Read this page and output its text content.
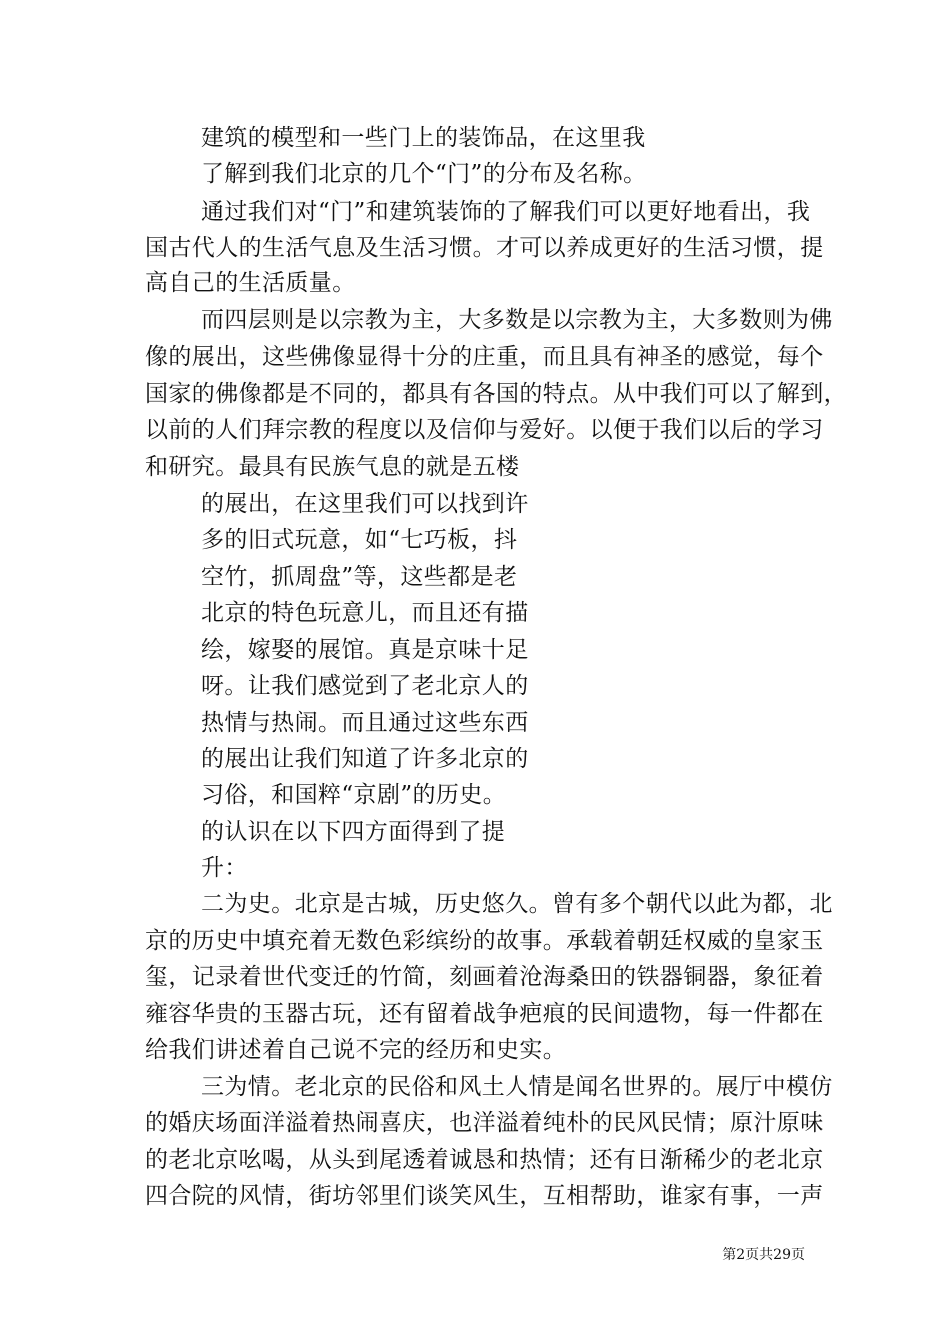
建筑的模型和一些门上的装饰品，在这里我
了解到我们北京的几个“门”的分布及名称。
通过我们对“门”和建筑装饰的了解我们可以更好地看出，我
国古代人的生活气息及生活习惯。才可以养成更好的生活习惯，提
高自己的生活质量。
而四层则是以宗教为主，大多数是以宗教为主，大多数则为佛
像的展出，这些佛像显得十分的庄重，而且具有神圣的感觉，每个
国家的佛像都是不同的，都具有各国的特点。从中我们可以了解到，
以前的人们拜宗教的程度以及信仰与爱好。以便于我们以后的学习
和研究。最具有民族气息的就是五楼
的展出，在这里我们可以找到许
多的旧式玩意，如“七巧板，抖
空竹，抓周盘”等，这些都是老
北京的特色玩意儿，而且还有描
绘，嫁娶的展馆。真是京味十足
呀。让我们感觉到了老北京人的
热情与热闹。而且通过这些东西
的展出让我们知道了许多北京的
习俗，和国粹“京剧”的历史。
的认识在以下四方面得到了提
升：
二为史。北京是古城，历史悠久。曾有多个朝代以此为都，北
京的历史中填充着无数色彩缤纷的故事。承载着朝廷权威的皇家玉
玺，记录着世代变迁的竹简，刻画着沧海桑田的铁器铜器，象征着
雍容华贵的玉器古玩，还有留着战争疤痕的民间遗物，每一件都在
给我们讲述着自己说不完的经历和史实。
三为情。老北京的民俗和风土人情是闻名世界的。展厅中模仿
的婚庆场面洋溢着热闹喜庆，也洋溢着纯朴的民风民情；原汁原味
的老北京吆喝，从头到尾透着诚恳和热情；还有日渐稀少的老北京
四合院的风情，街坊邻里们谈笑风生，互相帮助，谁家有事，一声
第2页共29页
